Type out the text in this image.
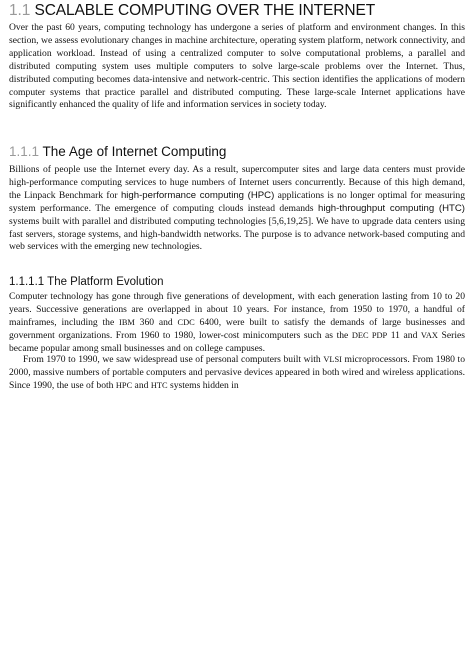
1.1 SCALABLE COMPUTING OVER THE INTERNET

Over the past 60 years, computing technology has undergone a series of platform and environment changes. In this section, we assess evolutionary changes in machine architecture, operating system platform, network connectivity, and application workload. Instead of using a centralized computer to solve computational problems, a parallel and distributed computing system uses multiple computers to solve large-scale problems over the Internet. Thus, distributed computing becomes data-intensive and network-centric. This section identifies the applications of modern computer systems that practice parallel and distributed computing. These large-scale Internet applications have significantly enhanced the quality of life and information services in society today.

1.1.1 The Age of Internet Computing

Billions of people use the Internet every day. As a result, supercomputer sites and large data centers must provide high-performance computing services to huge numbers of Internet users concurrently. Because of this high demand, the Linpack Benchmark for high-performance computing (HPC) applications is no longer optimal for measuring system performance. The emergence of computing clouds instead demands high-throughput computing (HTC) systems built with parallel and distributed computing technologies [5,6,19,25]. We have to upgrade data centers using fast servers, storage systems, and high-bandwidth networks. The purpose is to advance network-based computing and web services with the emerging new technologies.

1.1.1.1 The Platform Evolution

Computer technology has gone through five generations of development, with each generation lasting from 10 to 20 years. Successive generations are overlapped in about 10 years. For instance, from 1950 to 1970, a handful of mainframes, including the IBM 360 and CDC 6400, were built to satisfy the demands of large businesses and government organizations. From 1960 to 1980, lower-cost minicomputers such as the DEC PDP 11 and VAX Series became popular among small businesses and on college campuses.

From 1970 to 1990, we saw widespread use of personal computers built with VLSI microprocessors. From 1980 to 2000, massive numbers of portable computers and pervasive devices appeared in both wired and wireless applications. Since 1990, the use of both HPC and HTC systems hidden in
